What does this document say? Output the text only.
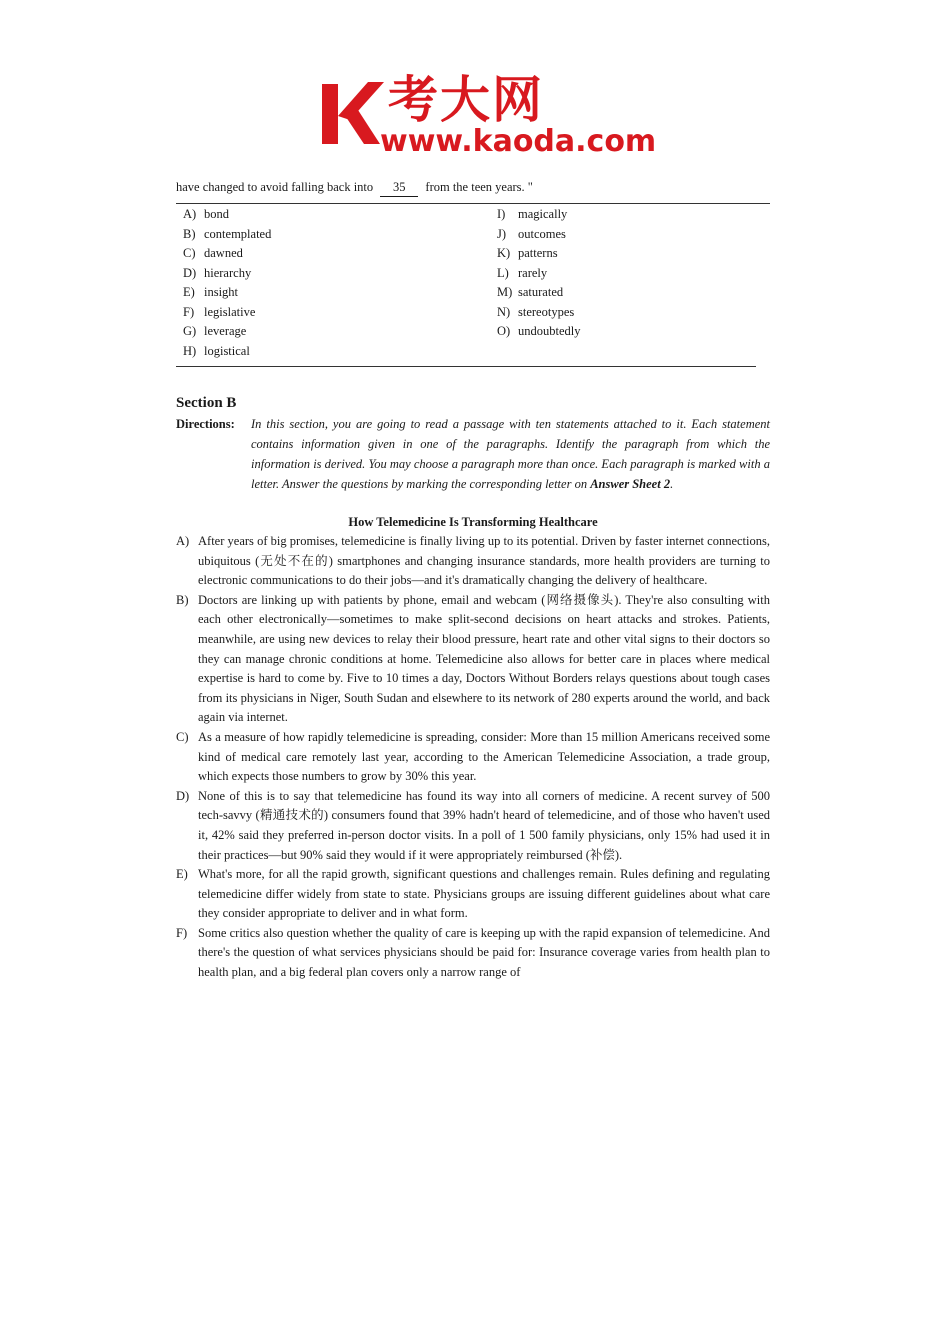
考大网
www.kaoda.com
have changed to avoid falling back into 35 from the teen years. "
A) bond
B) contemplated
C) dawned
D) hierarchy
E) insight
F) legislative
G) leverage
H) logistical
I) magically
J) outcomes
K) patterns
L) rarely
M) saturated
N) stereotypes
O) undoubtedly
Section B
Directions: In this section, you are going to read a passage with ten statements attached to it. Each statement contains information given in one of the paragraphs. Identify the paragraph from which the information is derived. You may choose a paragraph more than once. Each paragraph is marked with a letter. Answer the questions by marking the corresponding letter on Answer Sheet 2.
How Telemedicine Is Transforming Healthcare
A) After years of big promises, telemedicine is finally living up to its potential. Driven by faster internet connections, ubiquitous (无处不在的) smartphones and changing insurance standards, more health providers are turning to electronic communications to do their jobs—and it's dramatically changing the delivery of healthcare.
B) Doctors are linking up with patients by phone, email and webcam (网络摄像头). They're also consulting with each other electronically—sometimes to make split-second decisions on heart attacks and strokes. Patients, meanwhile, are using new devices to relay their blood pressure, heart rate and other vital signs to their doctors so they can manage chronic conditions at home. Telemedicine also allows for better care in places where medical expertise is hard to come by. Five to 10 times a day, Doctors Without Borders relays questions about tough cases from its physicians in Niger, South Sudan and elsewhere to its network of 280 experts around the world, and back again via internet.
C) As a measure of how rapidly telemedicine is spreading, consider: More than 15 million Americans received some kind of medical care remotely last year, according to the American Telemedicine Association, a trade group, which expects those numbers to grow by 30% this year.
D) None of this is to say that telemedicine has found its way into all corners of medicine. A recent survey of 500 tech-savvy (精通技术的) consumers found that 39% hadn't heard of telemedicine, and of those who haven't used it, 42% said they preferred in-person doctor visits. In a poll of 1 500 family physicians, only 15% had used it in their practices—but 90% said they would if it were appropriately reimbursed (补偿).
E) What's more, for all the rapid growth, significant questions and challenges remain. Rules defining and regulating telemedicine differ widely from state to state. Physicians groups are issuing different guidelines about what care they consider appropriate to deliver and in what form.
F) Some critics also question whether the quality of care is keeping up with the rapid expansion of telemedicine. And there's the question of what services physicians should be paid for: Insurance coverage varies from health plan to health plan, and a big federal plan covers only a narrow range of
